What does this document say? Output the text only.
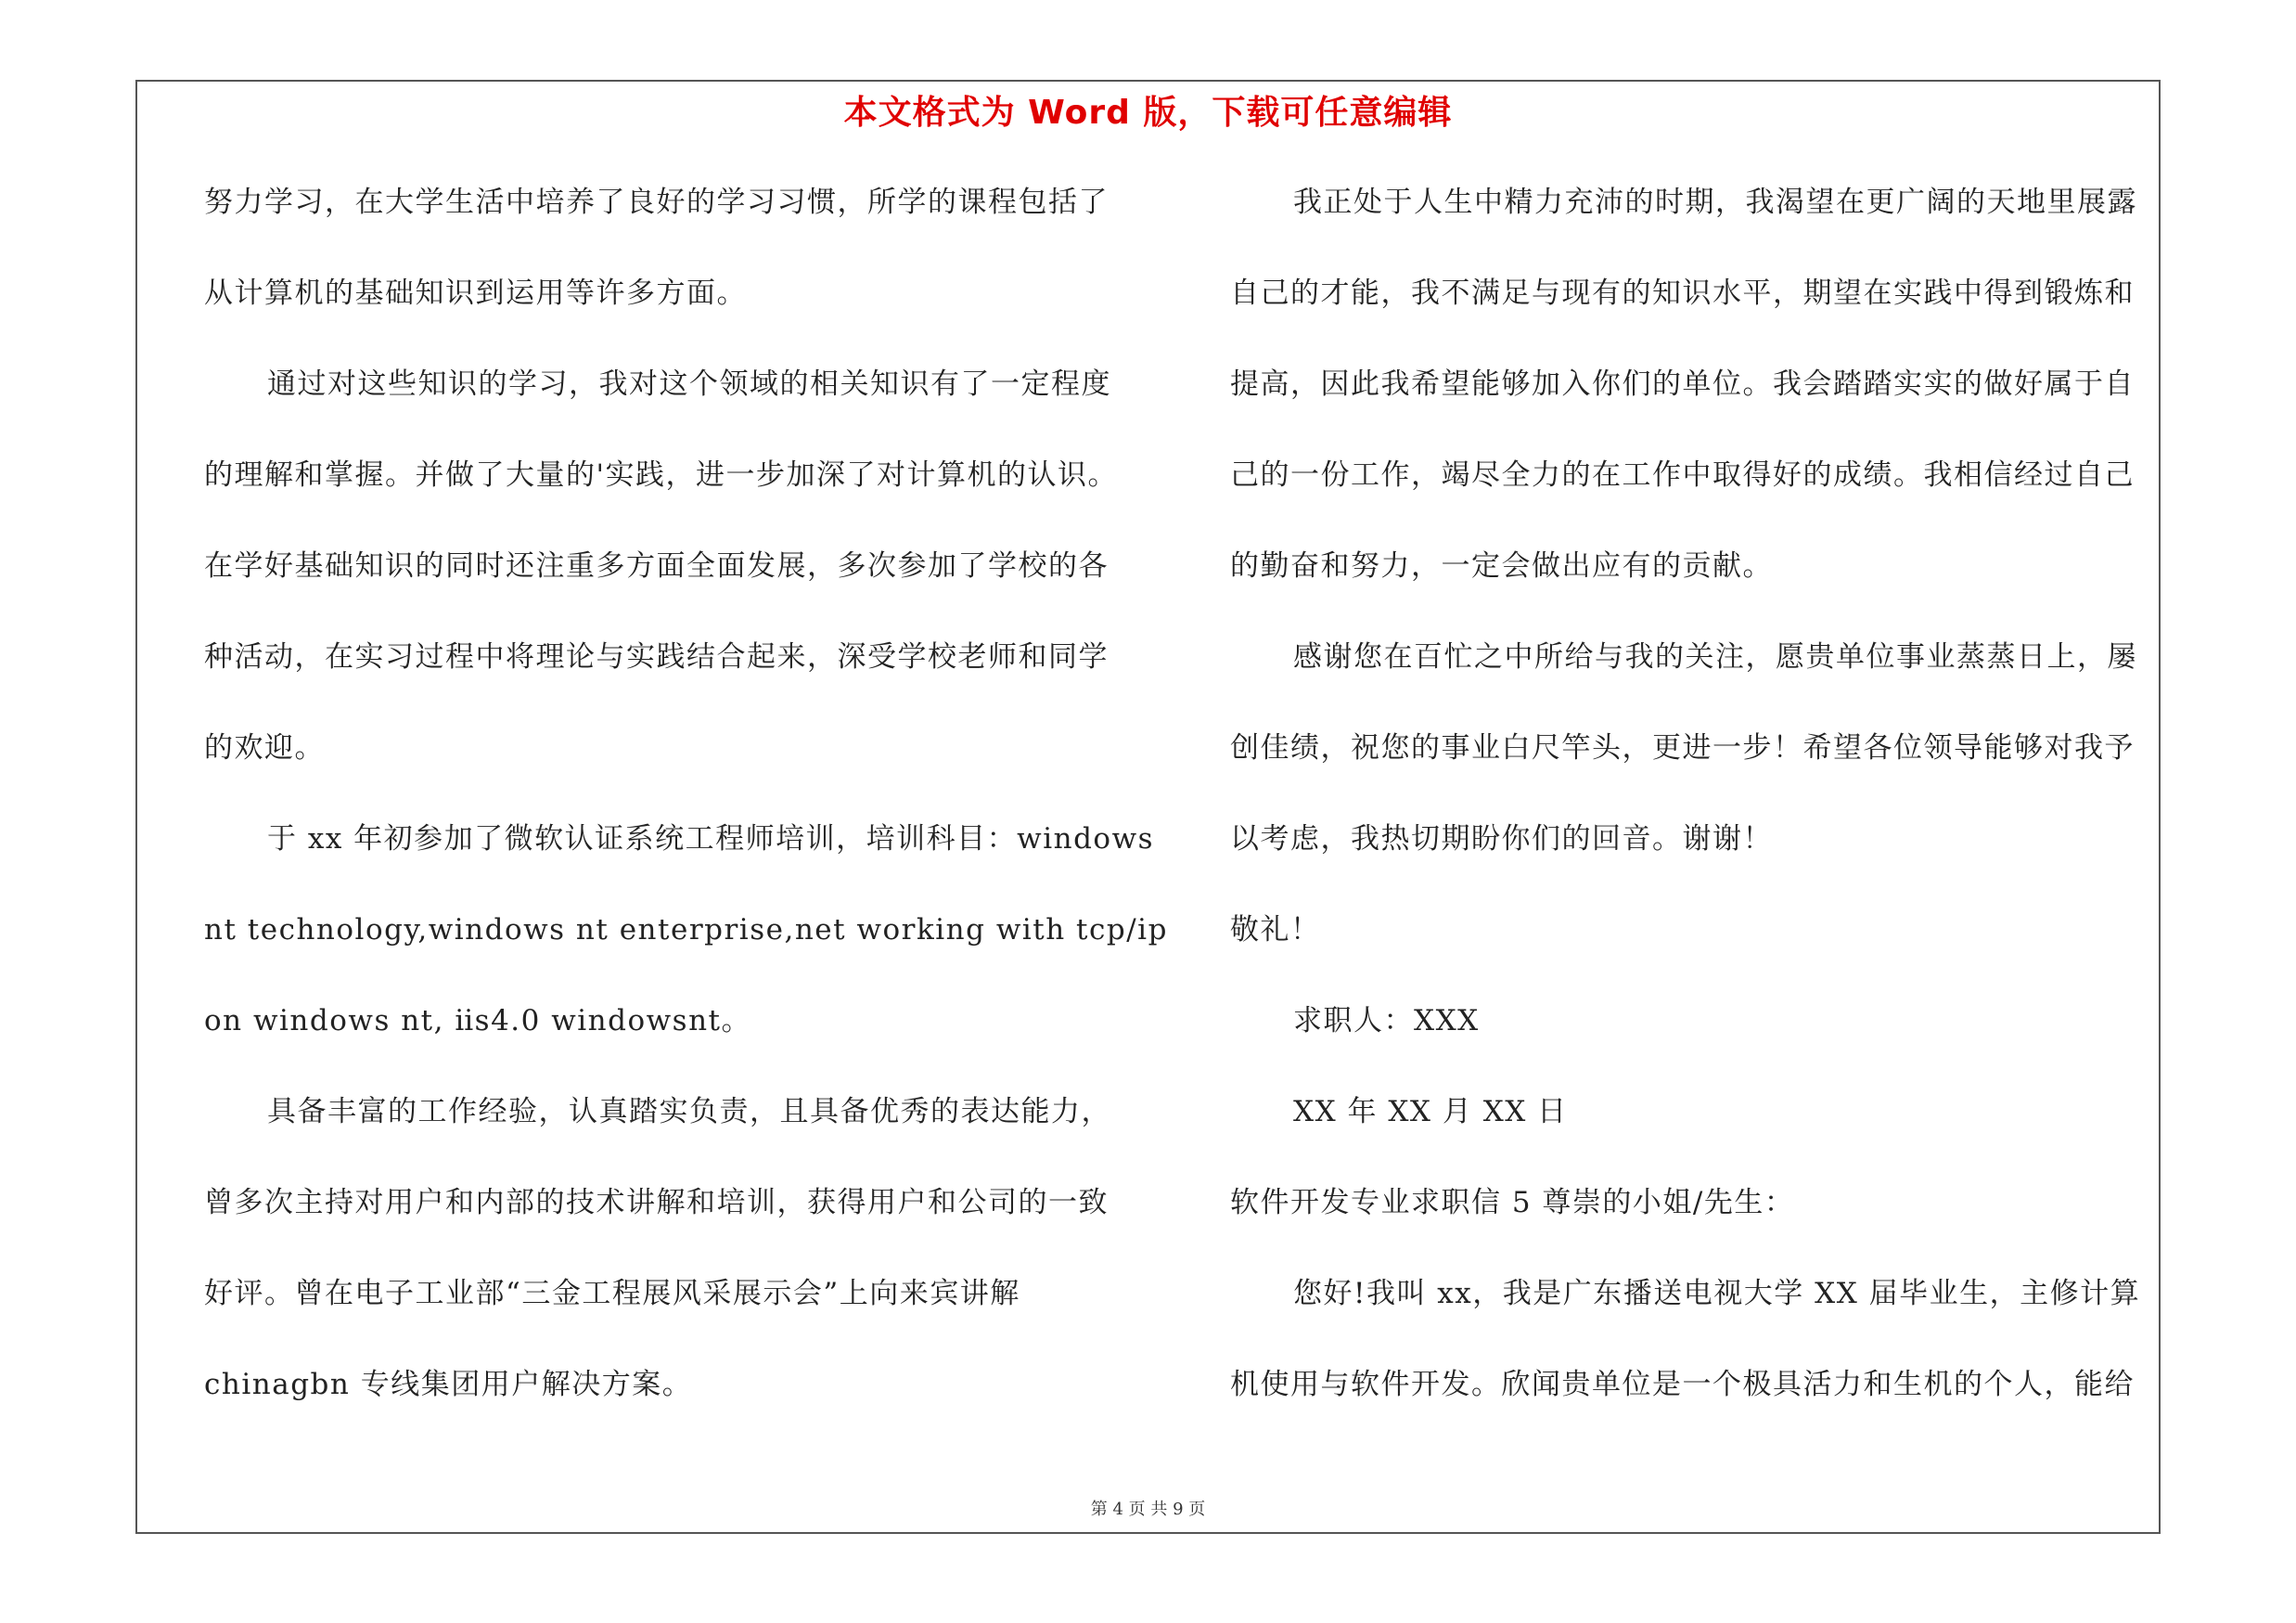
本文格式为 Word 版，下载可任意编辑
努力学习，在大学生活中培养了良好的学习习惯，所学的课程包括了
从计算机的基础知识到运用等许多方面。
通过对这些知识的学习，我对这个领域的相关知识有了一定程度
的理解和掌握。并做了大量的'实践，进一步加深了对计算机的认识。
在学好基础知识的同时还注重多方面全面发展，多次参加了学校的各
种活动，在实习过程中将理论与实践结合起来，深受学校老师和同学
的欢迎。
于 xx 年初参加了微软认证系统工程师培训，培训科目：windows
nt technology,windows nt enterprise,net working with tcp/ip
on windows nt, ⅱs4.0 windowsnt。
具备丰富的工作经验，认真踏实负责，且具备优秀的表达能力，
曾多次主持对用户和内部的技术讲解和培训，获得用户和公司的一致
好评。曾在电子工业部“三金工程展风采展示会”上向来宾讲解
chinagbn 专线集团用户解决方案。
我正处于人生中精力充沛的时期，我渴望在更广阔的天地里展露
自己的才能，我不满足与现有的知识水平，期望在实践中得到锻炼和
提高，因此我希望能够加入你们的单位。我会踏踏实实的做好属于自
己的一份工作，竭尽全力的在工作中取得好的成绩。我相信经过自己
的勤奋和努力，一定会做出应有的贡献。
感谢您在百忙之中所给与我的关注，愿贵单位事业蒸蒸日上，屡
创佳绩，祝您的事业白尺竿头，更进一步！希望各位领导能够对我予
以考虑，我热切期盼你们的回音。谢谢！
敬礼！
求职人：XXX
XX 年 XX 月 XX 日
软件开发专业求职信 5 尊崇的小姐/先生：
您好!我叫 xx，我是广东播送电视大学 XX 届毕业生，主修计算
机使用与软件开发。欣闻贵单位是一个极具活力和生机的个人，能给
第 4 页 共 9 页
